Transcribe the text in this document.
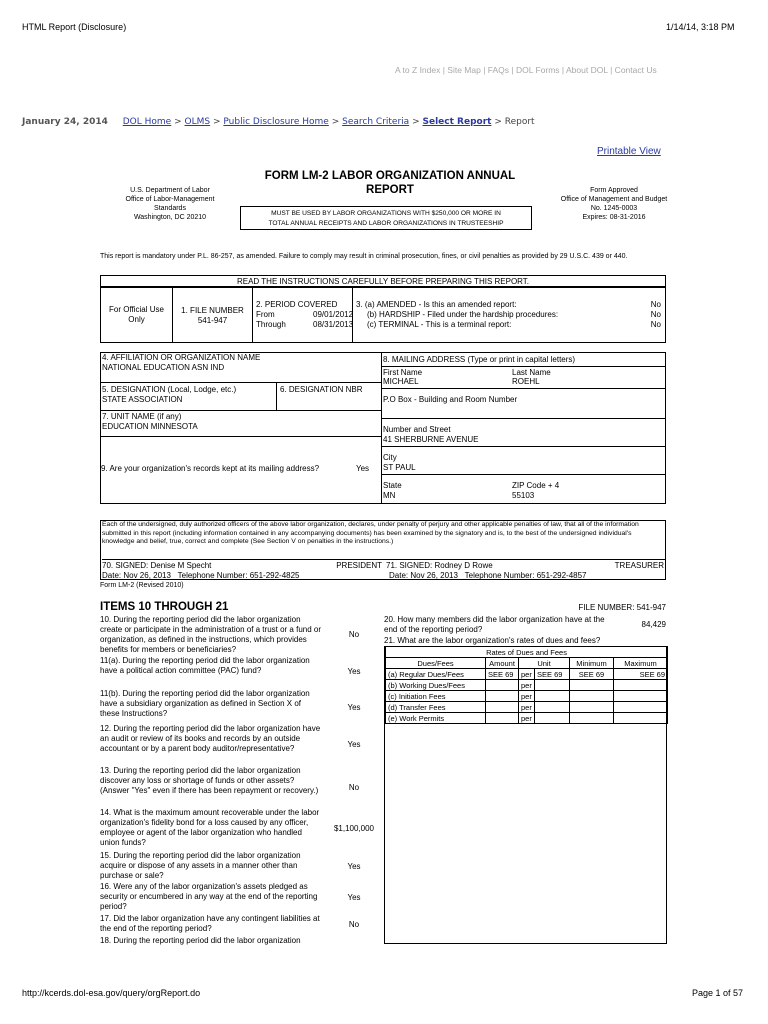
HTML Report (Disclosure)	1/14/14, 3:18 PM
A to Z Index | Site Map | FAQs | DOL Forms | About DOL | Contact Us
January 24, 2014 DOL Home > OLMS > Public Disclosure Home > Search Criteria > Select Report > Report
Printable View
FORM LM-2 LABOR ORGANIZATION ANNUAL REPORT
U.S. Department of Labor
Office of Labor-Management
Standards
Washington, DC 20210
Form Approved
Office of Management and Budget
No. 1245-0003
Expires: 08-31-2016
MUST BE USED BY LABOR ORGANIZATIONS WITH $250,000 OR MORE IN
TOTAL ANNUAL RECEIPTS AND LABOR ORGANIZATIONS IN TRUSTEESHIP
This report is mandatory under P.L. 86-257, as amended. Failure to comply may result in criminal prosecution, fines, or civil penalties as provided by 29 U.S.C. 439 or 440.
READ THE INSTRUCTIONS CAREFULLY BEFORE PREPARING THIS REPORT.
For Official Use Only
1. FILE NUMBER
541-947
2. PERIOD COVERED
From	09/01/2012
Through	08/31/2013
3. (a) AMENDED - Is this an amended report:	No
(b) HARDSHIP - Filed under the hardship procedures:	No
(c) TERMINAL - This is a terminal report:	No
4. AFFILIATION OR ORGANIZATION NAME
NATIONAL EDUCATION ASN IND
5. DESIGNATION (Local, Lodge, etc.)
STATE ASSOCIATION
6. DESIGNATION NBR
7. UNIT NAME (if any)
EDUCATION MINNESOTA
9. Are your organization's records kept at its mailing address?	Yes
8. MAILING ADDRESS (Type or print in capital letters)
First Name
MICHAEL
Last Name
ROEHL
P.O Box - Building and Room Number
Number and Street
41 SHERBURNE AVENUE
City
ST PAUL
State
MN
ZIP Code + 4
55103
Each of the undersigned, duly authorized officers of the above labor organization, declares, under penalty of perjury and other applicable penalties of law, that all of the information submitted in this report (including information contained in any accompanying documents) has been examined by the signatory and is, to the best of the undersigned individual's knowledge and belief, true, correct and complete (See Section V on penalties in the instructions.)
70. SIGNED: Denise M Specht	PRESIDENT
Date: Nov 26, 2013 Telephone Number: 651-292-4825
71. SIGNED: Rodney D Rowe	TREASURER
Date: Nov 26, 2013 Telephone Number: 651-292-4857
Form LM-2 (Revised 2010)
ITEMS 10 THROUGH 21	FILE NUMBER: 541-947
10. During the reporting period did the labor organization create or participate in the administration of a trust or a fund or organization, as defined in the instructions, which provides benefits for members or beneficiaries?
No
11(a). During the reporting period did the labor organization have a political action committee (PAC) fund?	Yes
11(b). During the reporting period did the labor organization have a subsidiary organization as defined in Section X of these Instructions?
Yes
12. During the reporting period did the labor organization have an audit or review of its books and records by an outside accountant or by a parent body auditor/representative?	Yes
13. During the reporting period did the labor organization discover any loss or shortage of funds or other assets? (Answer "Yes" even if there has been repayment or recovery.)	No
14. What is the maximum amount recoverable under the labor organization's fidelity bond for a loss caused by any officer, employee or agent of the labor organization who handled union funds?
$1,100,000
15. During the reporting period did the labor organization acquire or dispose of any assets in a manner other than purchase or sale?
Yes
16. Were any of the labor organization's assets pledged as security or encumbered in any way at the end of the reporting period?
Yes
17. Did the labor organization have any contingent liabilities at the end of the reporting period?	No
18. During the reporting period did the labor organization
20. How many members did the labor organization have at the end of the reporting period?
84,429
21. What are the labor organization's rates of dues and fees?
Rates of Dues and Fees					
Dues/Fees	Amount	Unit		Minimum	Maximum
(a) Regular Dues/Fees	SEE 69	per	SEE 69	SEE 69	SEE 69
(b) Working Dues/Fees		per			
(c) Initiation Fees		per			
(d) Transfer Fees		per			
(e) Work Permits		per			
http://kcerds.dol-esa.gov/query/orgReport.do	Page 1 of 57
